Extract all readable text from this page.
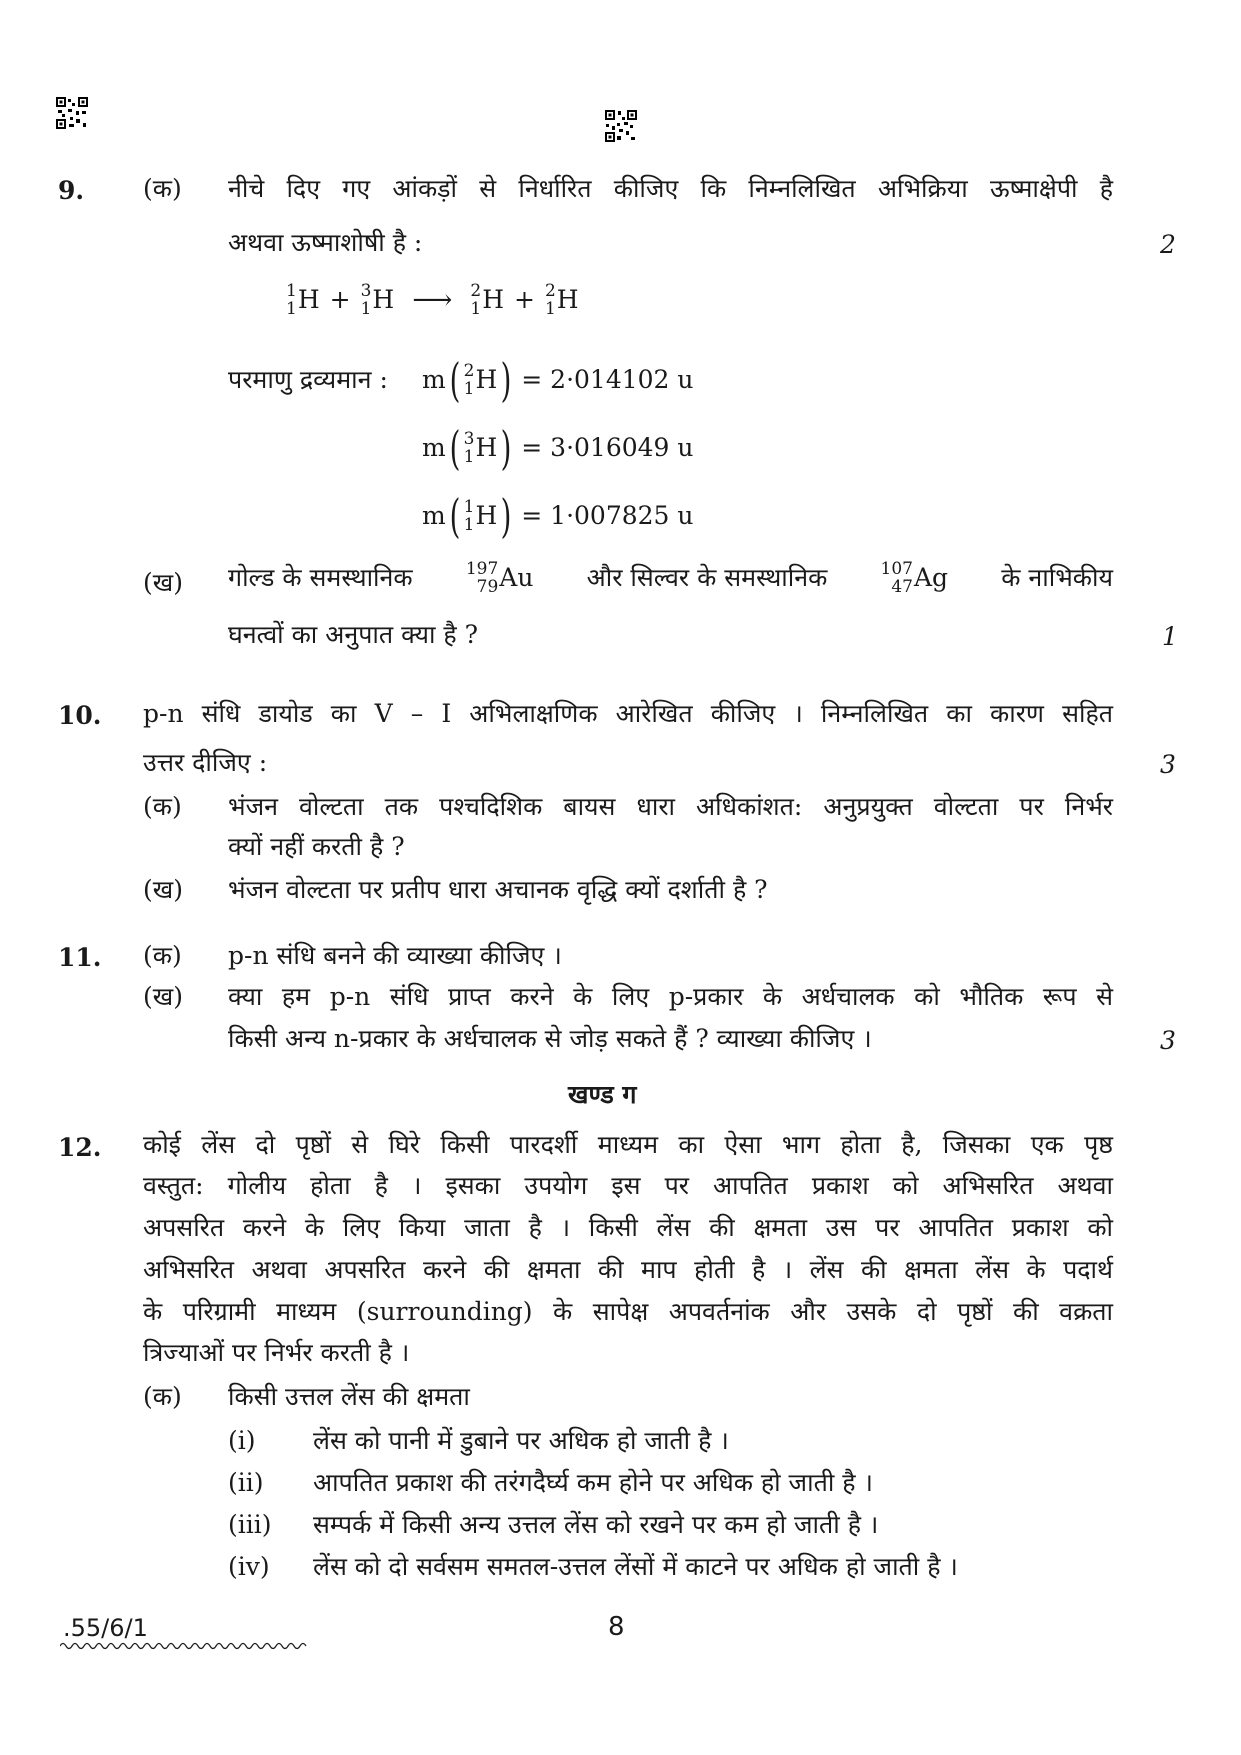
9. (क) नीचे दिए गए आंकड़ों से निर्धारित कीजिए कि निम्नलिखित अभिक्रिया ऊष्माक्षेपी है
अथवा ऊष्माशोषी है :	2
1
1 H + 3
1 H ⟶ 2
1 H + 2
1 H
परमाणु द्रव्यमान : m ( 2
1 H ) = 2·014102 u
m ( 3
1 H ) = 3·016049 u
m ( 1
1 H ) = 1·007825 u
(ख) गोल्ड के समस्थानिक	197
79 Au और सिल्वर के समस्थानिक	107
47 Ag के नाभिकीय
घनत्वों का अनुपात क्या है ?	1
10. p-n संधि डायोड का V – I अभिलाक्षणिक आरेखित कीजिए । निम्नलिखित का कारण सहित
उत्तर दीजिए :	3
(क) भंजन वोल्टता तक पश्चदिशिक बायस धारा अधिकांशत: अनुप्रयुक्त वोल्टता पर निर्भर
क्यों नहीं करती है ?
(ख) भंजन वोल्टता पर प्रतीप धारा अचानक वृद्धि क्यों दर्शाती है ?
11. (क) p-n संधि बनने की व्याख्या कीजिए ।
(ख) क्या हम p-n संधि प्राप्त करने के लिए p-प्रकार के अर्धचालक को भौतिक रूप से
किसी अन्य n-प्रकार के अर्धचालक से जोड़ सकते हैं ? व्याख्या कीजिए ।	3
खण्ड ग
12. कोई लेंस दो पृष्ठों से घिरे किसी पारदर्शी माध्यम का ऐसा भाग होता है, जिसका एक पृष्ठ
वस्तुत: गोलीय होता है । इसका उपयोग इस पर आपतित प्रकाश को अभिसरित अथवा
अपसरित करने के लिए किया जाता है । किसी लेंस की क्षमता उस पर आपतित प्रकाश को
अभिसरित अथवा अपसरित करने की क्षमता की माप होती है । लेंस की क्षमता लेंस के पदार्थ
के परिग्रामी माध्यम (surrounding) के सापेक्ष अपवर्तनांक और उसके दो पृष्ठों की वक्रता
त्रिज्याओं पर निर्भर करती है ।
(क) किसी उत्तल लेंस की क्षमता
(i) लेंस को पानी में डुबाने पर अधिक हो जाती है ।
(ii) आपतित प्रकाश की तरंगदैर्घ्य कम होने पर अधिक हो जाती है ।
(iii) सम्पर्क में किसी अन्य उत्तल लेंस को रखने पर कम हो जाती है ।
(iv) लेंस को दो सर्वसम समतल-उत्तल लेंसों में काटने पर अधिक हो जाती है ।
.55/6/1	8
